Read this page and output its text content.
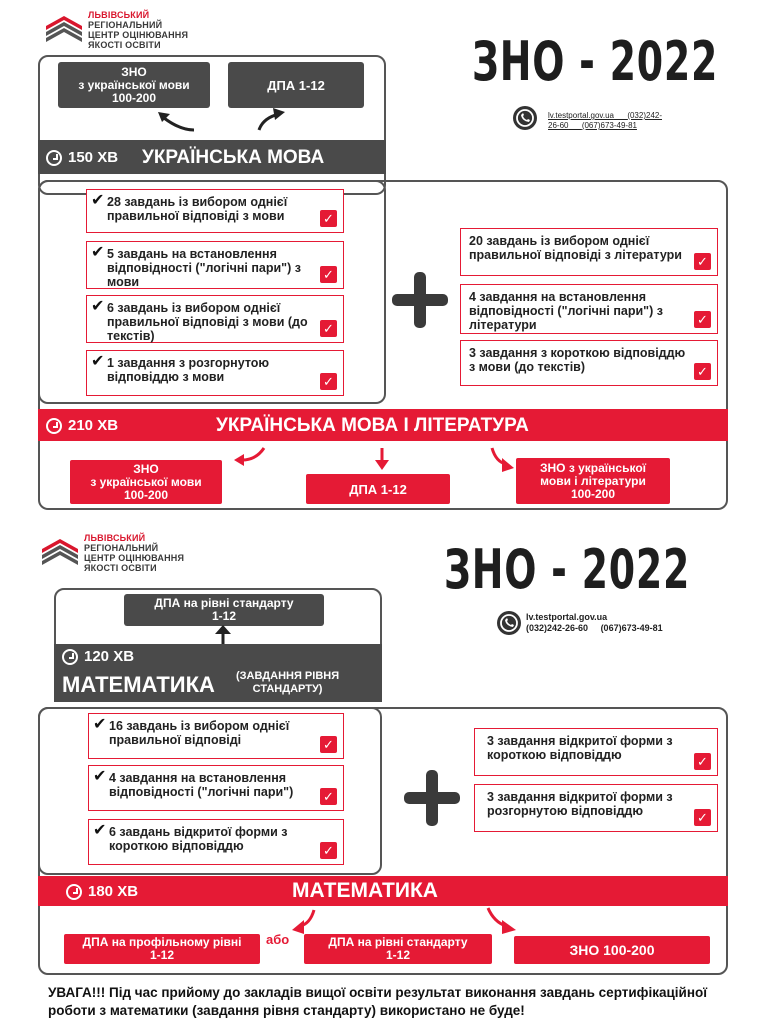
ЛЬВІВСЬКИЙ
РЕГІОНАЛЬНИЙ
ЦЕНТР ОЦІНЮВАННЯ
ЯКОСТІ ОСВІТИ	ЗНО - 2022
lv.testportal.gov.ua (032)242-
26-60 (067)673-49-81
ЗНО
з української мови
100-200
ДПА 1-12
150 ХВ УКРАЇНСЬКА МОВА
✔ 28 завдань із вибором однієї правильної відповіді з мови	✓
✔ 5 завдань на встановлення відповідності ("логічні пари") з мови
✓
✔ 6 завдань із вибором однієї правильної відповіді з мови (до текстів)
✓
✔ 1 завдання з розгорнутою відповіддю з мови	✓
20 завдань із вибором однієї правильної відповіді з літератури	✓
4 завдання на встановлення відповідності ("логічні пари") з літератури	✓
3 завдання з короткою відповіддю з мови (до текстів)	✓
210 ХВ	УКРАЇНСЬКА МОВА І ЛІТЕРАТУРА
ЗНО
з української мови
100-200	ДПА 1-12
ЗНО з української
мови і літератури
100-200
ЛЬВІВСЬКИЙ
РЕГІОНАЛЬНИЙ
ЦЕНТР ОЦІНЮВАННЯ
ЯКОСТІ ОСВІТИ	ЗНО - 2022
lv.testportal.gov.ua
(032)242-26-60 (067)673-49-81
ДПА на рівні стандарту
1-12
120 ХВ
МАТЕМАТИКА (ЗАВДАННЯ РІВНЯ
СТАНДАРТУ)
✔ 16 завдань із вибором однієї правильної відповіді	✓
✔ 4 завдання на встановлення відповідності ("логічні пари")	✓
✔ 6 завдань відкритої форми з короткою відповіддю	✓
3 завдання відкритої форми з короткою відповіддю	✓
3 завдання відкритої форми з розгорнутою відповіддю	✓
180 ХВ	МАТЕМАТИКА
ДПА на профільному рівні
1-12
або	ДПА на рівні стандарту
1-12	ЗНО 100-200
УВАГА!!! Під час прийому до закладів вищої освіти результат виконання завдань сертифікаційної роботи з математики (завдання рівня стандарту) використано не буде!
